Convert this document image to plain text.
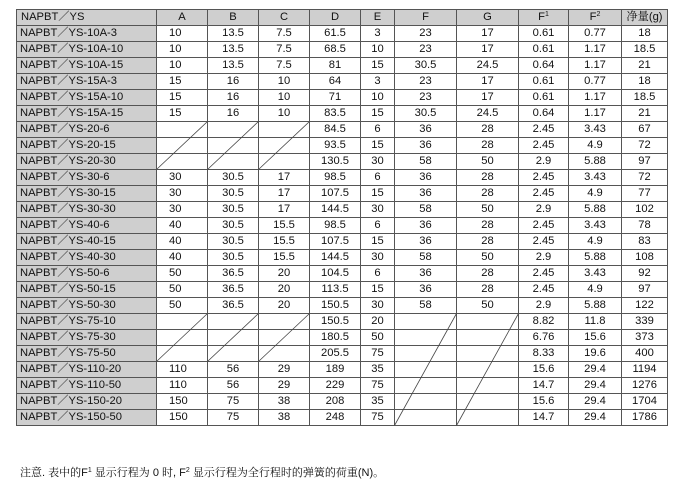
NAPBT／YS	A	B	C	D	E	F	G	$F^1$	$F^2$	净量(g)
NAPBT／YS-10A-3	10	13.5	7.5	61.5	3	23	17	0.61	0.77	18
NAPBT／YS-10A-10	10	13.5	7.5	68.5	10	23	17	0.61	1.17	18.5
NAPBT／YS-10A-15	10	13.5	7.5	81	15	30.5	24.5	0.64	1.17	21
NAPBT／YS-15A-3	15	16	10	64	3	23	17	0.61	0.77	18
NAPBT／YS-15A-10	15	16	10	71	10	23	17	0.61	1.17	18.5
NAPBT／YS-15A-15	15	16	10	83.5	15	30.5	24.5	0.64	1.17	21
NAPBT／YS-20-6				84.5	6	36	28	2.45	3.43	67
NAPBT／YS-20-15				93.5	15	36	28	2.45	4.9	72
NAPBT／YS-20-30				130.5	30	58	50	2.9	5.88	97
NAPBT／YS-30-6	30	30.5	17	98.5	6	36	28	2.45	3.43	72
NAPBT／YS-30-15	30	30.5	17	107.5	15	36	28	2.45	4.9	77
NAPBT／YS-30-30	30	30.5	17	144.5	30	58	50	2.9	5.88	102
NAPBT／YS-40-6	40	30.5	15.5	98.5	6	36	28	2.45	3.43	78
NAPBT／YS-40-15	40	30.5	15.5	107.5	15	36	28	2.45	4.9	83
NAPBT／YS-40-30	40	30.5	15.5	144.5	30	58	50	2.9	5.88	108
NAPBT／YS-50-6	50	36.5	20	104.5	6	36	28	2.45	3.43	92
NAPBT／YS-50-15	50	36.5	20	113.5	15	36	28	2.45	4.9	97
NAPBT／YS-50-30	50	36.5	20	150.5	30	58	50	2.9	5.88	122
NAPBT／YS-75-10				150.5	20			8.82	11.8	339
NAPBT／YS-75-30				180.5	50			6.76	15.6	373
NAPBT／YS-75-50				205.5	75			8.33	19.6	400
NAPBT／YS-110-20	110	56	29	189	35			15.6	29.4	1194
NAPBT／YS-110-50	110	56	29	229	75			14.7	29.4	1276
NAPBT／YS-150-20	150	75	38	208	35			15.6	29.4	1704
NAPBT／YS-150-50	150	75	38	248	75			14.7	29.4	1786
注意. 表中的$F^1$ 显示行程为 0 时, $F^2$ 显示行程为全行程时的弹簧的荷重(N)。
